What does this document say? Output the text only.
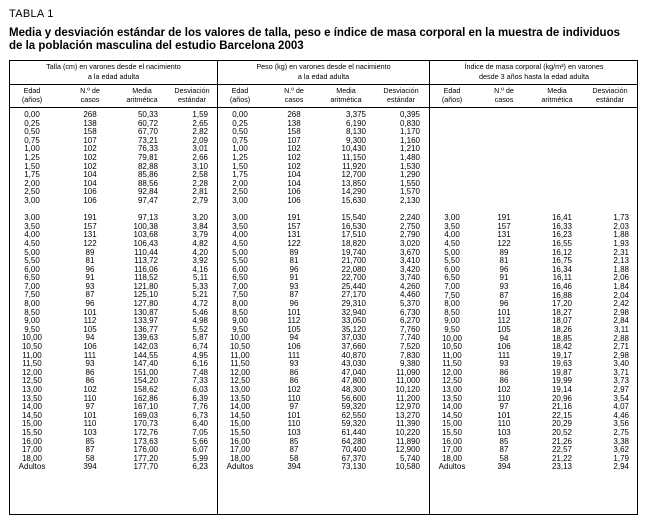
TABLA 1
Media y desviación estándar de los valores de talla, peso e índice de masa corporal en la muestra de individuos
de la población masculina del estudio Barcelona 2003
Talla (cm) en varones desde el nacimiento
a la edad adulta
Peso (kg) en varones desde el nacimiento
a la edad adulta
Índice de masa corporal (kg/m²) en varones
desde 3 años hasta la edad adulta
Edad
(años)
N.º de
casos
Media
aritmética
Desviación
estándar
Edad
(años)
N.º de
casos
Media
aritmética
Desviación
estándar
Edad
(años)
N.º de
casos
Media
aritmética
Desviación
estándar
0,00
0,25
0,50
0,75
1,00
1,25
1,50
1,75
2,00
2,50
3,00

3,00
3,50
4,00
4,50
5,00
5,50
6,00
6,50
7,00
7,50
8,00
8,50
9,00
9,50
10,00
10,50
11,00
11,50
12,00
12,50
13,00
13,50
14,00
14,50
15,00
15,50
16,00
17,00
18,00
Adultos
268
138
158
107
102
102
102
104
104
106
106

191
157
131
122
89
81
96
91
93
87
96
101
112
105
94
106
111
93
86
86
102
110
97
101
110
103
85
87
58
394
50,33
60,72
67,70
73,21
76,33
79,81
82,88
85,86
88,56
92,84
97,47

97,13
100,38
103,68
106,43
110,44
113,72
116,06
118,52
121,80
125,10
127,80
130,87
133,97
136,77
139,63
142,03
144,55
147,40
151,00
154,20
158,62
162,86
167,10
169,03
170,73
172,76
173,63
176,00
177,20
177,70
1,59
2,65
2,82
2,09
3,01
2,66
3,10
2,58
2,28
2,81
2,79

3,20
3,84
3,79
4,82
4,20
3,92
4,16
5,11
5,33
5,21
4,72
5,46
4,98
5,52
5,87
6,74
4,95
6,16
7,48
7,33
6,03
6,39
7,76
6,73
6,40
7,05
5,66
6,07
5,99
6,23
0,00
0,25
0,50
0,75
1,00
1,25
1,50
1,75
2,00
2,50
3,00

3,00
3,50
4,00
4,50
5,00
5,50
6,00
6,50
7,00
7,50
8,00
8,50
9,00
9,50
10,00
10,50
11,00
11,50
12,00
12,50
13,00
13,50
14,00
14,50
15,00
15,50
16,00
17,00
18,00
Adultos
268
138
158
107
102
102
102
104
104
106
106

191
157
131
122
89
81
96
91
93
87
96
101
112
105
94
106
111
93
86
86
102
110
97
101
110
103
85
87
58
394
3,375
6,190
8,130
9,300
10,430
11,150
11,920
12,700
13,850
14,290
15,630

15,540
16,530
17,510
18,820
19,740
21,700
22,080
22,700
25,440
27,170
29,310
32,940
33,050
35,120
37,030
37,660
40,870
43,030
47,040
47,800
48,300
56,600
59,320
62,550
59,320
61,440
64,280
70,400
67,370
73,130
0,395
0,830
1,170
1,160
1,210
1,480
1,530
1,290
1,550
1,570
2,130

2,240
2,750
2,790
3,020
3,670
3,410
3,420
3,740
4,260
4,460
5,370
6,730
6,270
7,760
7,740
7,520
7,830
9,380
11,090
11,000
10,120
11,200
12,970
13,270
11,390
10,220
11,890
12,900
5,740
10,580
3,00
3,50
4,00
4,50
5,00
5,50
6,00
6,50
7,00
7,50
8,00
8,50
9,00
9,50
10,00
10,50
11,00
11,50
12,00
12,50
13,00
13,50
14,00
14,50
15,00
15,50
16,00
17,00
18,00
Adultos
191
157
131
122
89
81
96
91
93
87
96
101
112
105
94
106
111
93
86
86
102
110
97
101
110
103
85
87
58
394
16,41
16,33
16,23
16,55
16,12
16,75
16,34
16,11
16,46
16,88
17,20
18,27
18,07
18,26
18,85
18,42
19,17
19,63
19,87
19,99
19,14
20,96
21,16
22,15
20,29
20,52
21,26
22,57
21,22
23,13
1,73
2,03
1,88
1,93
2,31
2,13
1,88
2,06
1,84
2,04
2,42
2,98
2,84
3,11
2,88
2,71
2,98
3,40
3,71
3,73
2,97
3,54
4,07
4,46
3,56
2,75
3,38
3,62
1,79
2,94
